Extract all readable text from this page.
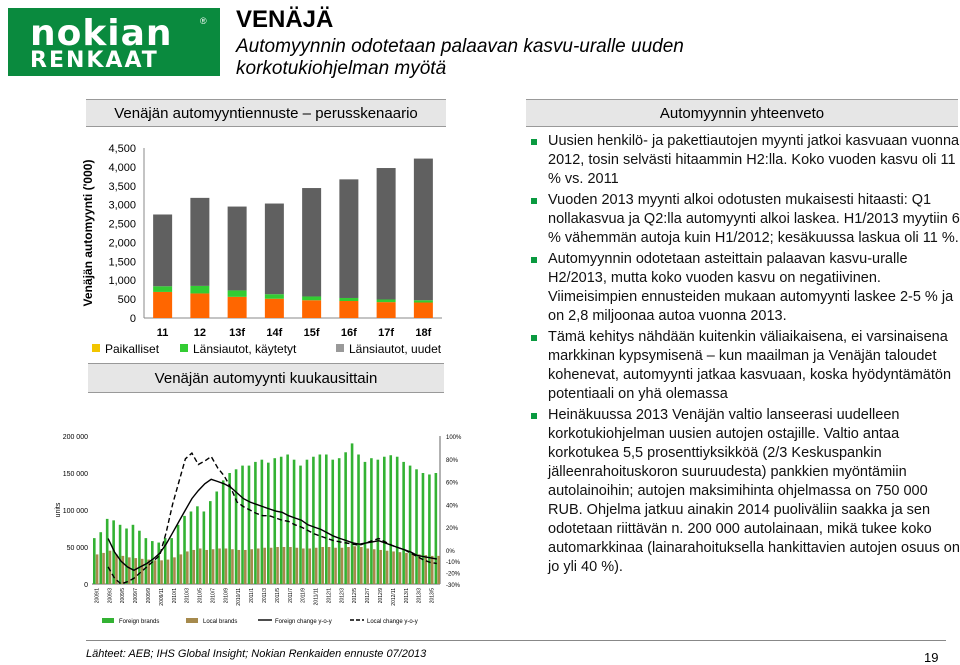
nokian
RENKAAT
® VENÄJÄ
Automyynnin odotetaan palaavan kasvu-uralle uuden korkotukiohjelman myötä
Venäjän automyyntiennuste – perusskenaario	Automyynnin yhteenveto
Venäjän automyynti ('000)
0
500
1,000
1,500
2,000
2,500
3,000
3,500
4,000
4,500
11 12 13f 14f 15f 16f 17f 18f
Paikalliset	Länsiautot, käytetyt	Länsiautot, uudet
Venäjän automyynti kuukausittain
units
0
50 000
100 000
150 000
200 000
-30%
-20%
-10%
0%
20%
40%
60%
80%
100%
2009/1 2009/3 2009/5 2009/7 2009/9 2009/11 2010/1 2010/3 2010/5 2010/7 2010/9 2010/11 2011/1 2011/3 2011/5 2011/7 2011/9 2011/11 2012/1 2012/3 2012/5 2012/7 2012/9 2012/11 2013/1 2013/3 2013/5
Foreign brands	Local brands	Foreign change y-o-y	Local change y-o-y
Uusien henkilö- ja pakettiautojen myynti jatkoi kasvuaan vuonna 2012, tosin selvästi hitaammin H2:lla. Koko vuoden kasvu oli 11 % vs. 2011
Vuoden 2013 myynti alkoi odotusten mukaisesti hitaasti: Q1 nollakasvua ja Q2:lla automyynti alkoi laskea. H1/2013 myytiin 6 % vähemmän autoja kuin H1/2012; kesäkuussa laskua oli 11 %.
Automyynnin odotetaan asteittain palaavan kasvu-uralle H2/2013, mutta koko vuoden kasvu on negatiivinen. Viimeisimpien ennusteiden mukaan automyynti laskee 2-5 % ja on 2,8 miljoonaa autoa vuonna 2013.
Tämä kehitys nähdään kuitenkin väliaikaisena, ei varsinaisena markkinan kypsymisenä – kun maailman ja Venäjän taloudet kohenevat, automyynti jatkaa kasvuaan, koska hyödyntämätön potentiaali on yhä olemassa
Heinäkuussa 2013 Venäjän valtio lanseerasi uudelleen korkotukiohjelman uusien autojen ostajille. Valtio antaa korkotukea 5,5 prosenttiyksikköä (2/3 Keskuspankin jälleenrahoituskoron suuruudesta) pankkien myöntämiin autolainoihin; autojen maksimihinta ohjelmassa on 750 000 RUB. Ohjelma jatkuu ainakin 2014 puoliväliin saakka ja sen odotetaan riittävän n. 200 000 autolainaan, mikä tukee koko automarkkinaa (lainarahoituksella hankittavien autojen osuus on jo yli 40 %).
Lähteet: AEB; IHS Global Insight; Nokian Renkaiden ennuste 07/2013	19
